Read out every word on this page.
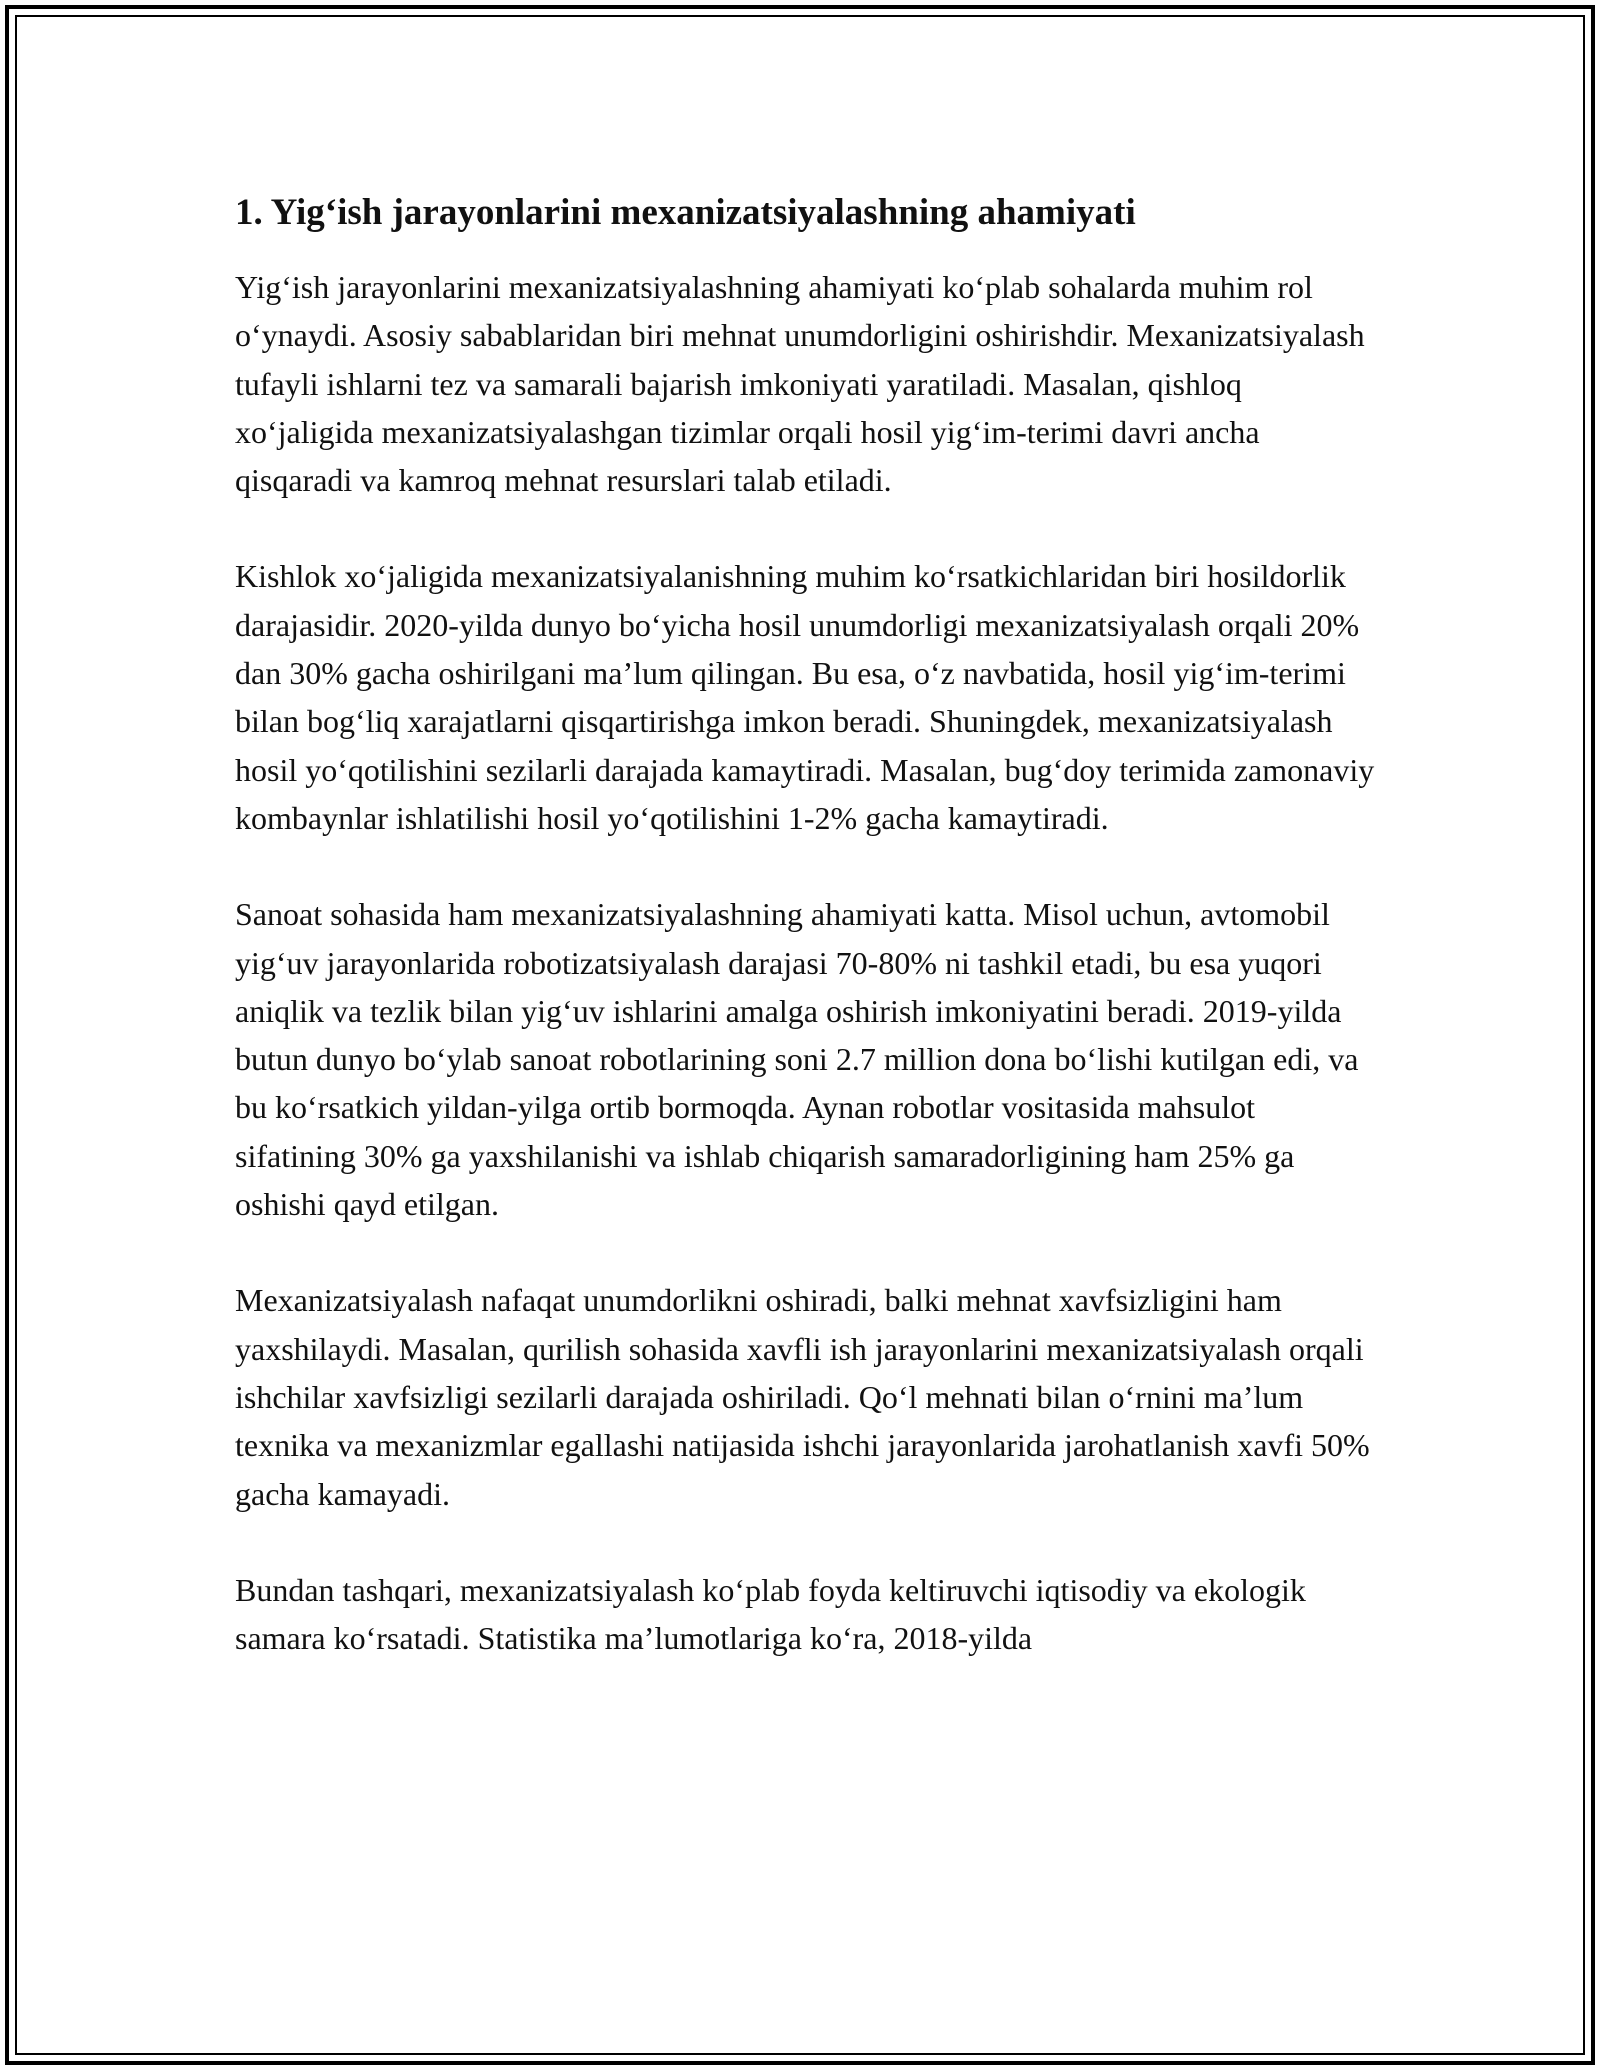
1. Yig‘ish jarayonlarini mexanizatsiyalashning ahamiyati

Yig‘ish jarayonlarini mexanizatsiyalashning ahamiyati ko‘plab sohalarda muhim rol o‘ynaydi. Asosiy sabablaridan biri mehnat unumdorligini oshirishdir. Mexanizatsiyalash tufayli ishlarni tez va samarali bajarish imkoniyati yaratiladi. Masalan, qishloq xo‘jaligida mexanizatsiyalashgan tizimlar orqali hosil yig‘im-terimi davri ancha qisqaradi va kamroq mehnat resurslari talab etiladi.

Kishlok xo‘jaligida mexanizatsiyalanishning muhim ko‘rsatkichlaridan biri hosildorlik darajasidir. 2020-yilda dunyo bo‘yicha hosil unumdorligi mexanizatsiyalash orqali 20% dan 30% gacha oshirilgani ma’lum qilingan. Bu esa, o‘z navbatida, hosil yig‘im-terimi bilan bog‘liq xarajatlarni qisqartirishga imkon beradi. Shuningdek, mexanizatsiyalash hosil yo‘qotilishini sezilarli darajada kamaytiradi. Masalan, bug‘doy terimida zamonaviy kombaynlar ishlatilishi hosil yo‘qotilishini 1-2% gacha kamaytiradi.

Sanoat sohasida ham mexanizatsiyalashning ahamiyati katta. Misol uchun, avtomobil yig‘uv jarayonlarida robotizatsiyalash darajasi 70-80% ni tashkil etadi, bu esa yuqori aniqlik va tezlik bilan yig‘uv ishlarini amalga oshirish imkoniyatini beradi. 2019-yilda butun dunyo bo‘ylab sanoat robotlarining soni 2.7 million dona bo‘lishi kutilgan edi, va bu ko‘rsatkich yildan-yilga ortib bormoqda. Aynan robotlar vositasida mahsulot sifatining 30% ga yaxshilanishi va ishlab chiqarish samaradorligining ham 25% ga oshishi qayd etilgan.

Mexanizatsiyalash nafaqat unumdorlikni oshiradi, balki mehnat xavfsizligini ham yaxshilaydi. Masalan, qurilish sohasida xavfli ish jarayonlarini mexanizatsiyalash orqali ishchilar xavfsizligi sezilarli darajada oshiriladi. Qo‘l mehnati bilan o‘rnini ma’lum texnika va mexanizmlar egallashi natijasida ishchi jarayonlarida jarohatlanish xavfi 50% gacha kamayadi.

Bundan tashqari, mexanizatsiyalash ko‘plab foyda keltiruvchi iqtisodiy va ekologik samara ko‘rsatadi. Statistika ma’lumotlariga ko‘ra, 2018-yilda
